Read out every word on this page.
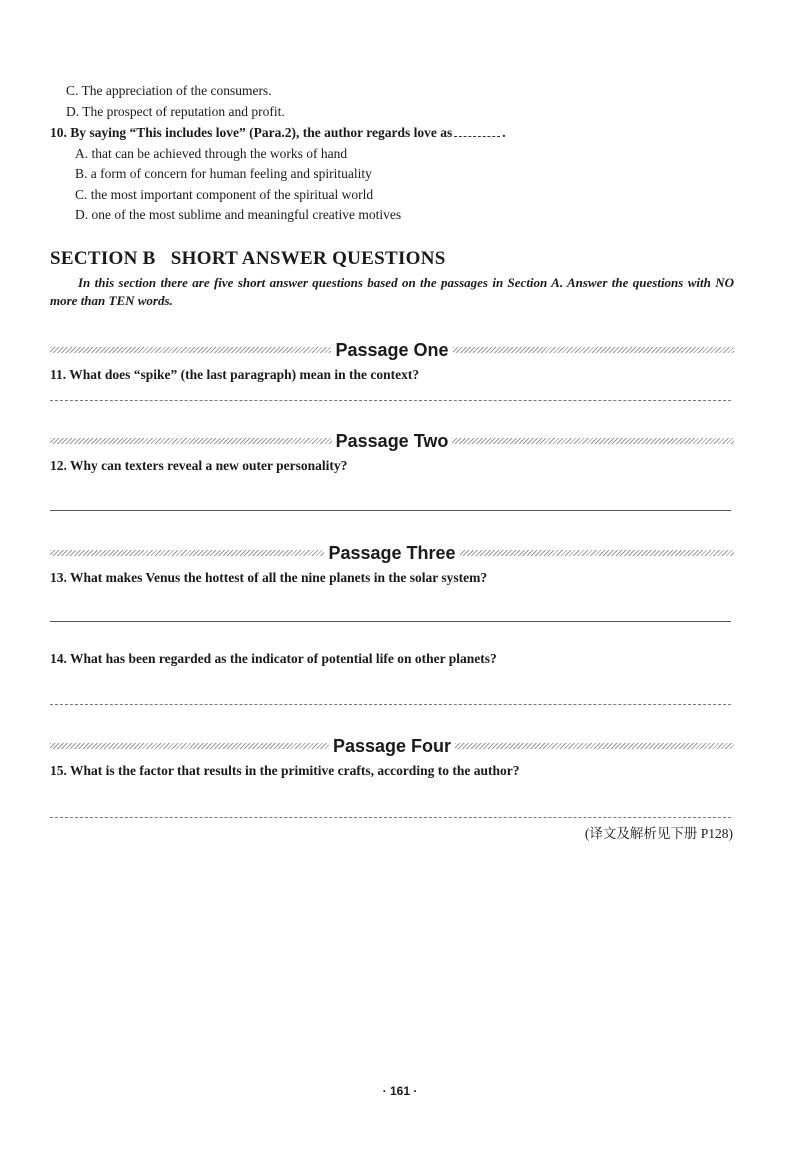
C. The appreciation of the consumers.
D. The prospect of reputation and profit.
10. By saying “This includes love” (Para.2), the author regards love as	.
A. that can be achieved through the works of hand
B. a form of concern for human feeling and spirituality
C. the most important component of the spiritual world
D. one of the most sublime and meaningful creative motives
SECTION B   SHORT ANSWER QUESTIONS
In this section there are five short answer questions based on the passages in Section A. Answer the questions with NO more than TEN words.
Passage One
11. What does “spike” (the last paragraph) mean in the context?
Passage Two
12. Why can texters reveal a new outer personality?
Passage Three
13. What makes Venus the hottest of all the nine planets in the solar system?
14. What has been regarded as the indicator of potential life on other planets?
Passage Four
15. What is the factor that results in the primitive crafts, according to the author?
(译文及解析见下册 P128)
· 161 ·
